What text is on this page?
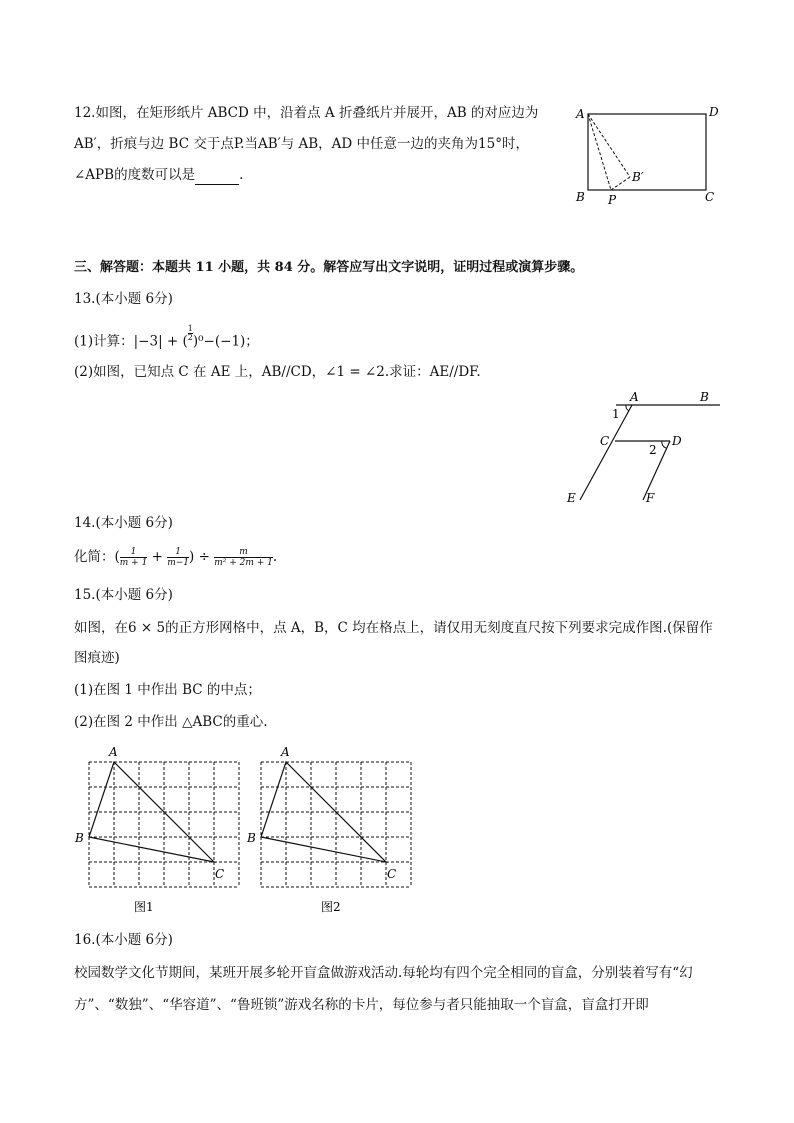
12.如图，在矩形纸片 ABCD 中，沿着点 A 折叠纸片并展开，AB 的对应边为
AB′，折痕与边 BC 交于点P.当AB′与 AB，AD 中任意一边的夹角为15°时，
∠APB的度数可以是	.
A	D
B	C
P
B′
三、解答题：本题共 11 小题，共 84 分。解答应写出文字说明，证明过程或演算步骤。
13.(本小题 6分)
(1)计算：|−3| + ( $\frac{1}{2} )^0-(-1)$；
(2)如图，已知点 C 在 AE 上，AB//CD，∠1 = ∠2.求证：AE//DF.
A	B
1
C	D
2
E	F
14.(本小题 6分)
化简：( $\frac{1}{m + 1} + \frac{1}{m-1}$ ) ÷ $\frac{m}{\text{m² + 2m + 1}}$ .
15.(本小题 6分)
如图，在6 × 5的正方形网格中，点 A，B，C 均在格点上，请仅用无刻度直尺按下列要求完成作图.(保留作
图痕迹)
(1)在图 1 中作出 BC 的中点；
(2)在图 2 中作出 △ABC的重心.
A
B
C
图1
A
B
C
图2
16.(本小题 6分)
校园数学文化节期间，某班开展多轮开盲盒做游戏活动.每轮均有四个完全相同的盲盒，分别装着写有“幻
方”、“数独”、“华容道”、“鲁班锁”游戏名称的卡片，每位参与者只能抽取一个盲盒，盲盒打开即
